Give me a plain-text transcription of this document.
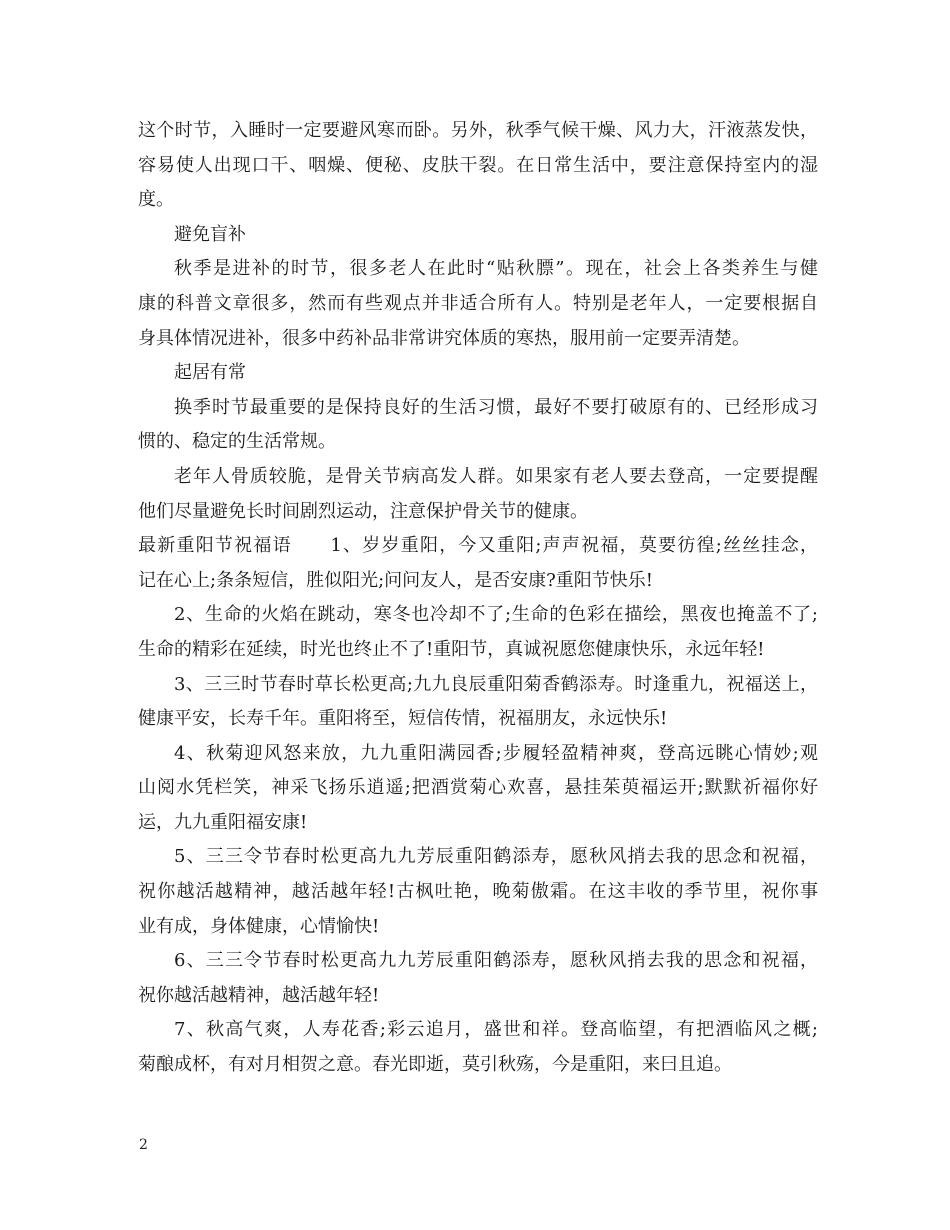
这个时节，入睡时一定要避风寒而卧。另外，秋季气候干燥、风力大，汗液蒸发快，
容易使人出现口干、咽燥、便秘、皮肤干裂。在日常生活中，要注意保持室内的湿
度。
避免盲补
秋季是进补的时节，很多老人在此时“贴秋膘”。现在，社会上各类养生与健
康的科普文章很多，然而有些观点并非适合所有人。特别是老年人，一定要根据自
身具体情况进补，很多中药补品非常讲究体质的寒热，服用前一定要弄清楚。
起居有常
换季时节最重要的是保持良好的生活习惯，最好不要打破原有的、已经形成习
惯的、稳定的生活常规。
老年人骨质较脆，是骨关节病高发人群。如果家有老人要去登高，一定要提醒
他们尽量避免长时间剧烈运动，注意保护骨关节的健康。
最新重阳节祝福语　　1、岁岁重阳，今又重阳;声声祝福，莫要彷徨;丝丝挂念，
记在心上;条条短信，胜似阳光;问问友人，是否安康?重阳节快乐!
2、生命的火焰在跳动，寒冬也冷却不了;生命的色彩在描绘，黑夜也掩盖不了;
生命的精彩在延续，时光也终止不了!重阳节，真诚祝愿您健康快乐，永远年轻!
3、三三时节春时草长松更高;九九良辰重阳菊香鹤添寿。时逢重九，祝福送上，
健康平安，长寿千年。重阳将至，短信传情，祝福朋友，永远快乐!
4、秋菊迎风怒来放，九九重阳满园香;步履轻盈精神爽，登高远眺心情妙;观
山阅水凭栏笑，神采飞扬乐逍遥;把酒赏菊心欢喜，悬挂茱萸福运开;默默祈福你好
运，九九重阳福安康!
5、三三令节春时松更高九九芳辰重阳鹤添寿，愿秋风捎去我的思念和祝福，
祝你越活越精神，越活越年轻!古枫吐艳，晚菊傲霜。在这丰收的季节里，祝你事
业有成，身体健康，心情愉快!
6、三三令节春时松更高九九芳辰重阳鹤添寿，愿秋风捎去我的思念和祝福，
祝你越活越精神，越活越年轻!
7、秋高气爽，人寿花香;彩云追月，盛世和祥。登高临望，有把酒临风之概;
菊酿成杯，有对月相贺之意。春光即逝，莫引秋殇，今是重阳，来曰且追。
2
